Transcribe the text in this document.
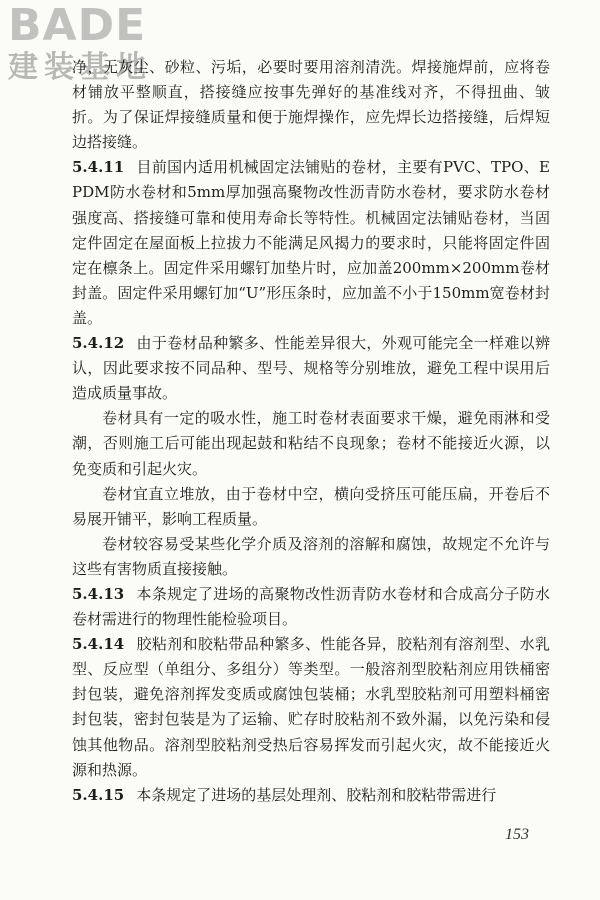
BADE
建装基地

净，无灰尘、砂粒、污垢，必要时要用溶剂清洗。焊接施焊前，应将卷材铺放平整顺直，搭接缝应按事先弹好的基准线对齐，不得扭曲、皱折。为了保证焊接缝质量和便于施焊操作，应先焊长边搭接缝，后焊短边搭接缝。

5.4.11 目前国内适用机械固定法铺贴的卷材，主要有PVC、TPO、EPDM防水卷材和5mm厚加强高聚物改性沥青防水卷材，要求防水卷材强度高、搭接缝可靠和使用寿命长等特性。机械固定法铺贴卷材，当固定件固定在屋面板上拉拔力不能满足风揭力的要求时，只能将固定件固定在檩条上。固定件采用螺钉加垫片时，应加盖200mm×200mm卷材封盖。固定件采用螺钉加“U”形压条时，应加盖不小于150mm宽卷材封盖。

5.4.12 由于卷材品种繁多、性能差异很大，外观可能完全一样难以辨认，因此要求按不同品种、型号、规格等分别堆放，避免工程中误用后造成质量事故。

卷材具有一定的吸水性，施工时卷材表面要求干燥，避免雨淋和受潮，否则施工后可能出现起鼓和粘结不良现象；卷材不能接近火源，以免变质和引起火灾。

卷材宜直立堆放，由于卷材中空，横向受挤压可能压扁，开卷后不易展开铺平，影响工程质量。

卷材较容易受某些化学介质及溶剂的溶解和腐蚀，故规定不允许与这些有害物质直接接触。

5.4.13 本条规定了进场的高聚物改性沥青防水卷材和合成高分子防水卷材需进行的物理性能检验项目。

5.4.14 胶粘剂和胶粘带品种繁多、性能各异，胶粘剂有溶剂型、水乳型、反应型（单组分、多组分）等类型。一般溶剂型胶粘剂应用铁桶密封包装，避免溶剂挥发变质或腐蚀包装桶；水乳型胶粘剂可用塑料桶密封包装，密封包装是为了运输、贮存时胶粘剂不致外漏，以免污染和侵蚀其他物品。溶剂型胶粘剂受热后容易挥发而引起火灾，故不能接近火源和热源。

5.4.15 本条规定了进场的基层处理剂、胶粘剂和胶粘带需进行

153
